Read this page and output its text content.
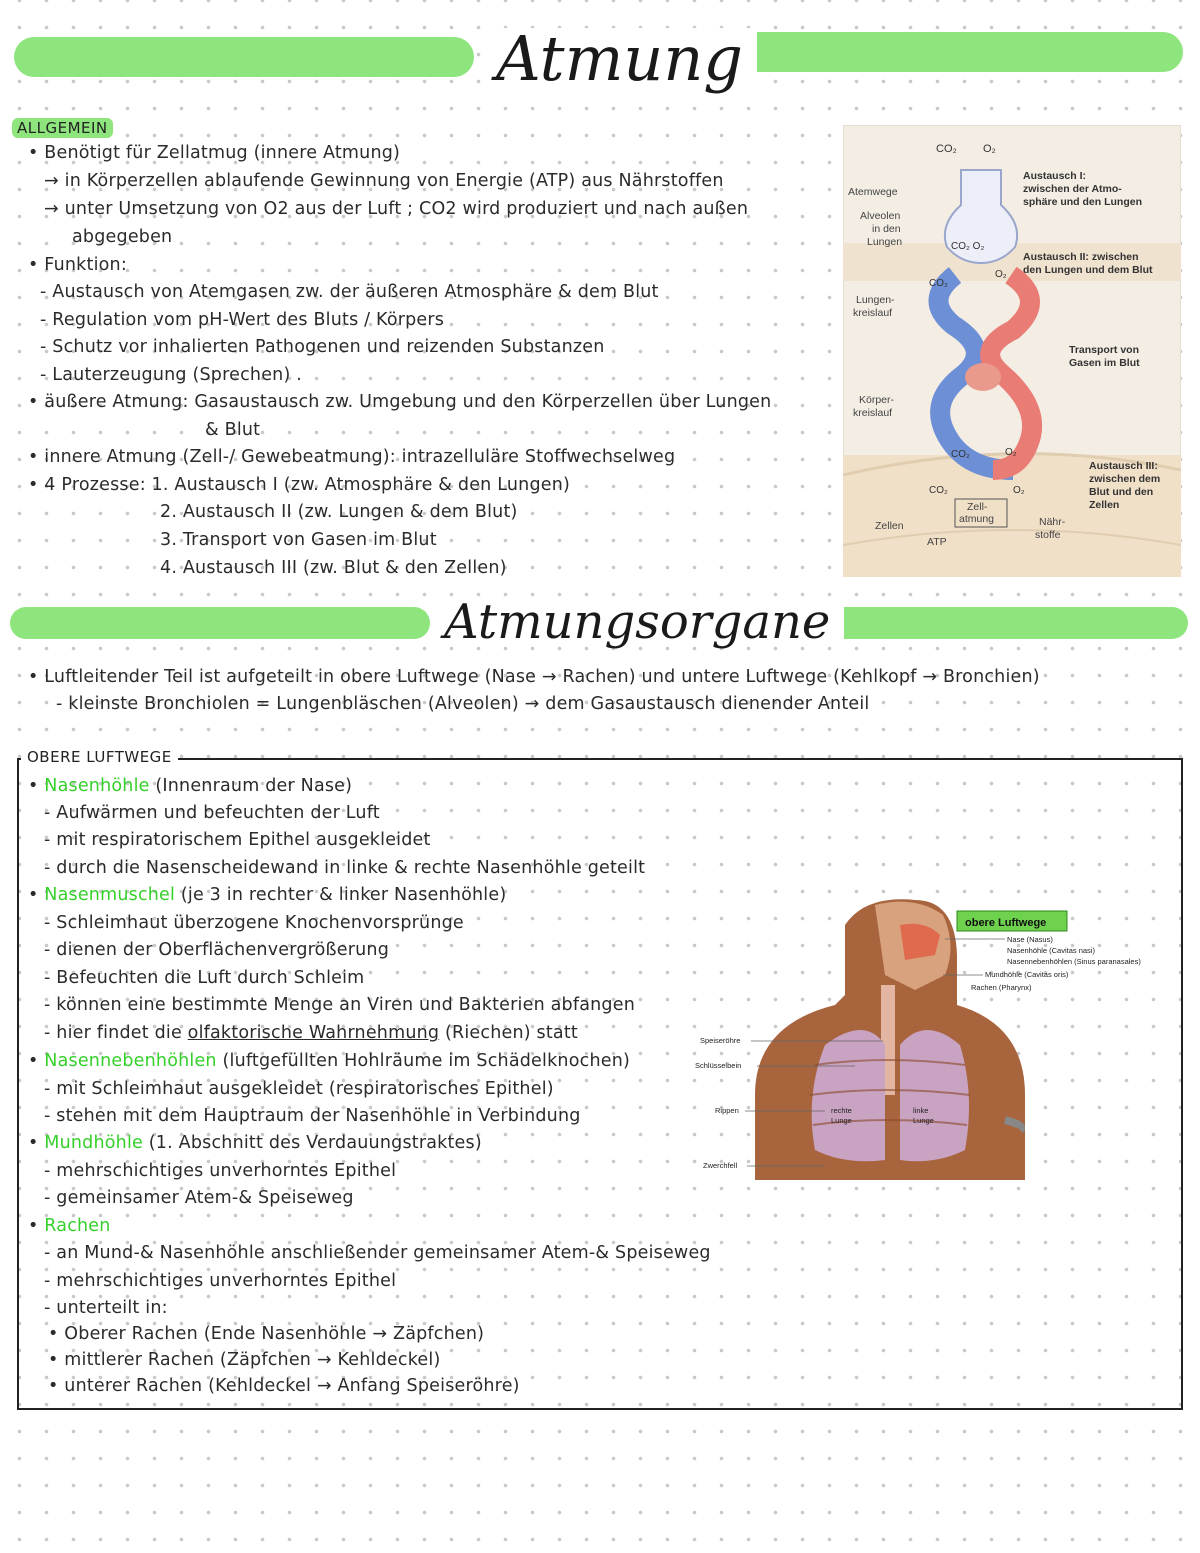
Atmung
ALLGEMEIN
• Benötigt für Zellatmug (innere Atmung)
→ in Körperzellen ablaufende Gewinnung von Energie (ATP) aus Nährstoffen
→ unter Umsetzung von O2 aus der Luft ; CO2 wird produziert und nach außen
abgegeben
• Funktion:
- Austausch von Atemgasen zw. der äußeren Atmosphäre & dem Blut
- Regulation vom pH-Wert des Bluts / Körpers
- Schutz vor inhalierten Pathogenen und reizenden Substanzen
- Lauterzeugung (Sprechen) .
• äußere Atmung: Gasaustausch zw. Umgebung und den Körperzellen über Lungen
& Blut
• innere Atmung (Zell-/ Gewebeatmung): intrazelluläre Stoffwechselweg
• 4 Prozesse: 1. Austausch I (zw. Atmosphäre & den Lungen)
2. Austausch II (zw. Lungen & dem Blut)
3. Transport von Gasen im Blut
4. Austausch III (zw. Blut & den Zellen)
CO₂ O₂
CO₂ O₂
CO₂
O₂
CO₂	O₂
CO₂	O₂
Atemwege
Alveolen
in den
Lungen
Lungen-
kreislauf
Körper-
kreislauf
Zellen
Zell-
atmung
ATP
Nähr-
stoffe
Austausch I:
zwischen der Atmo-
sphäre und den Lungen
Austausch II: zwischen
den Lungen und dem Blut
Transport von
Gasen im Blut
Austausch III:
zwischen dem
Blut und den
Zellen
Atmungsorgane
• Luftleitender Teil ist aufgeteilt in obere Luftwege (Nase → Rachen) und untere Luftwege (Kehlkopf → Bronchien)
- kleinste Bronchiolen = Lungenbläschen (Alveolen) → dem Gasaustausch dienender Anteil
OBERE LUFTWEGE
• Nasenhöhle (Innenraum der Nase)
- Aufwärmen und befeuchten der Luft
- mit respiratorischem Epithel ausgekleidet
- durch die Nasenscheidewand in linke & rechte Nasenhöhle geteilt
• Nasenmuschel (je 3 in rechter & linker Nasenhöhle)
- Schleimhaut überzogene Knochenvorsprünge
- dienen der Oberflächenvergrößerung
- Befeuchten die Luft durch Schleim
- können eine bestimmte Menge an Viren und Bakterien abfangen
- hier findet die olfaktorische Wahrnehmung (Riechen) statt
• Nasennebenhöhlen (luftgefüllten Hohlräume im Schädelknochen)
- mit Schleimhaut ausgekleidet (respiratorisches Epithel)
- stehen mit dem Hauptraum der Nasenhöhle in Verbindung
• Mundhöhle (1. Abschnitt des Verdauungstraktes)
- mehrschichtiges unverhorntes Epithel
- gemeinsamer Atem-& Speiseweg
• Rachen
- an Mund-& Nasenhöhle anschließender gemeinsamer Atem-& Speiseweg
- mehrschichtiges unverhorntes Epithel
- unterteilt in:
• Oberer Rachen (Ende Nasenhöhle → Zäpfchen)
• mittlerer Rachen (Zäpfchen → Kehldeckel)
• unterer Rachen (Kehldeckel → Anfang Speiseröhre)
obere Luftwege
Nase (Nasus)
Nasenhöhle (Cavitas nasi)
Nasennebenhöhlen (Sinus paranasales)
Mundhöhle (Cavitas oris)
Rachen (Pharynx)
Speiseröhre
Schlüsselbein
Rippen
Zwerchfell
rechte
Lunge
linke
Lunge
